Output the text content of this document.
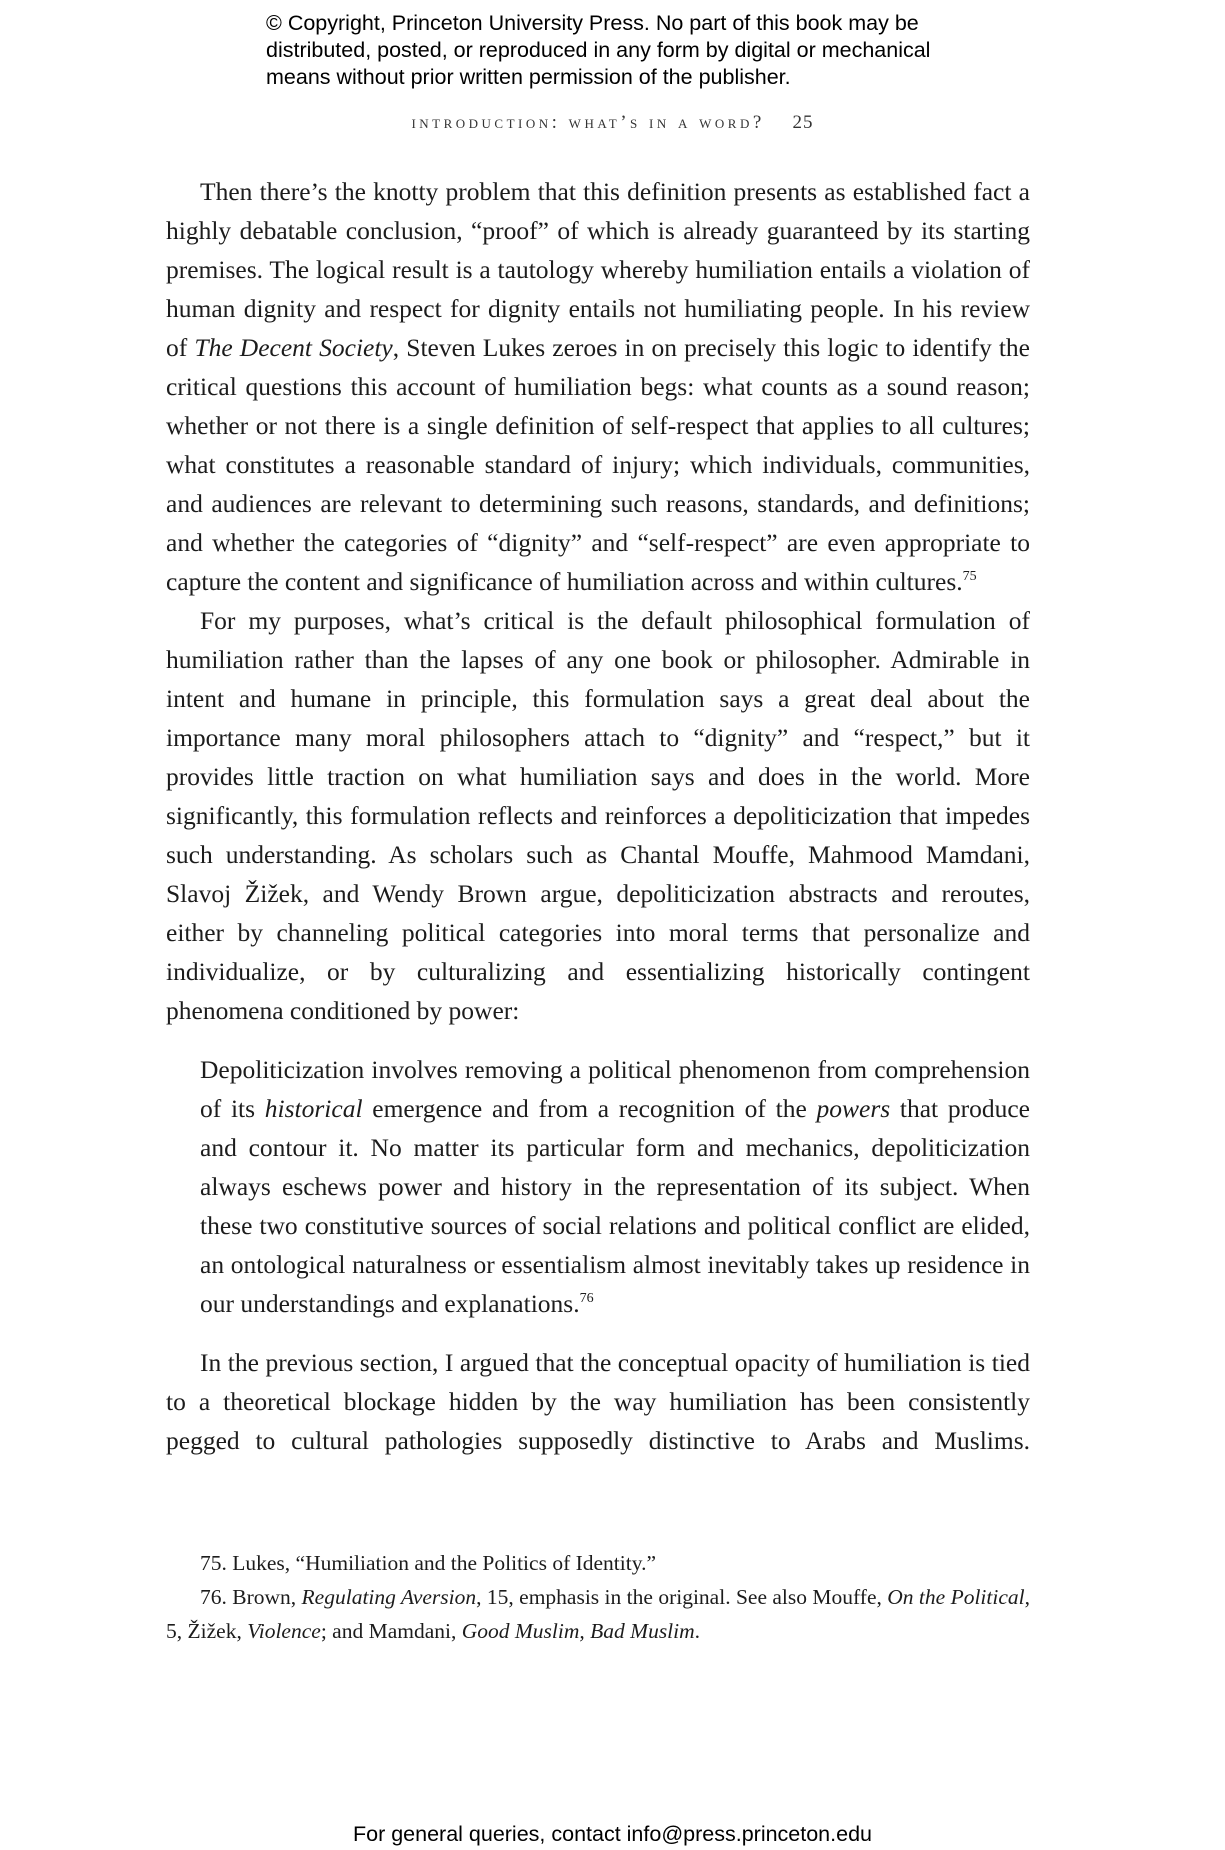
© Copyright, Princeton University Press. No part of this book may be

distributed, posted, or reproduced in any form by digital or mechanical

means without prior written permission of the publisher.

introduction: what’s in a word? 25

Then there’s the knotty problem that this definition presents as established fact a highly debatable conclusion, “proof” of which is already guaranteed by its starting premises. The logical result is a tautology whereby humiliation entails a violation of human dignity and respect for dignity entails not humiliating people. In his review of The Decent Society, Steven Lukes zeroes in on precisely this logic to identify the critical questions this account of humiliation begs: what counts as a sound reason; whether or not there is a single definition of self-respect that applies to all cultures; what constitutes a reasonable standard of injury; which individuals, communities, and audiences are relevant to determining such reasons, standards, and definitions; and whether the categories of “dignity” and “self-respect” are even appropriate to capture the content and significance of humiliation across and within cultures.$^{75}$

For my purposes, what’s critical is the default philosophical formulation of humiliation rather than the lapses of any one book or philosopher. Admirable in intent and humane in principle, this formulation says a great deal about the importance many moral philosophers attach to “dignity” and “respect,” but it provides little traction on what humiliation says and does in the world. More significantly, this formulation reflects and reinforces a depoliticization that impedes such understanding. As scholars such as Chantal Mouffe, Mahmood Mamdani, Slavoj Žižek, and Wendy Brown argue, depoliticization abstracts and reroutes, either by channeling political categories into moral terms that personalize and individualize, or by culturalizing and essentializing historically contingent phenomena conditioned by power:

Depoliticization involves removing a political phenomenon from comprehension of its historical emergence and from a recognition of the powers that produce and contour it. No matter its particular form and mechanics, depoliticization always eschews power and history in the representation of its subject. When these two constitutive sources of social relations and political conflict are elided, an ontological naturalness or essentialism almost inevitably takes up residence in our understandings and explanations.$^{76}$

In the previous section, I argued that the conceptual opacity of humiliation is tied to a theoretical blockage hidden by the way humiliation has been consistently pegged to cultural pathologies supposedly distinctive to Arabs and Muslims.

75. Lukes, “Humiliation and the Politics of Identity.”

76. Brown, Regulating Aversion, 15, emphasis in the original. See also Mouffe, On the Political, 5, Žižek, Violence; and Mamdani, Good Muslim, Bad Muslim.

For general queries, contact info@press.princeton.edu
